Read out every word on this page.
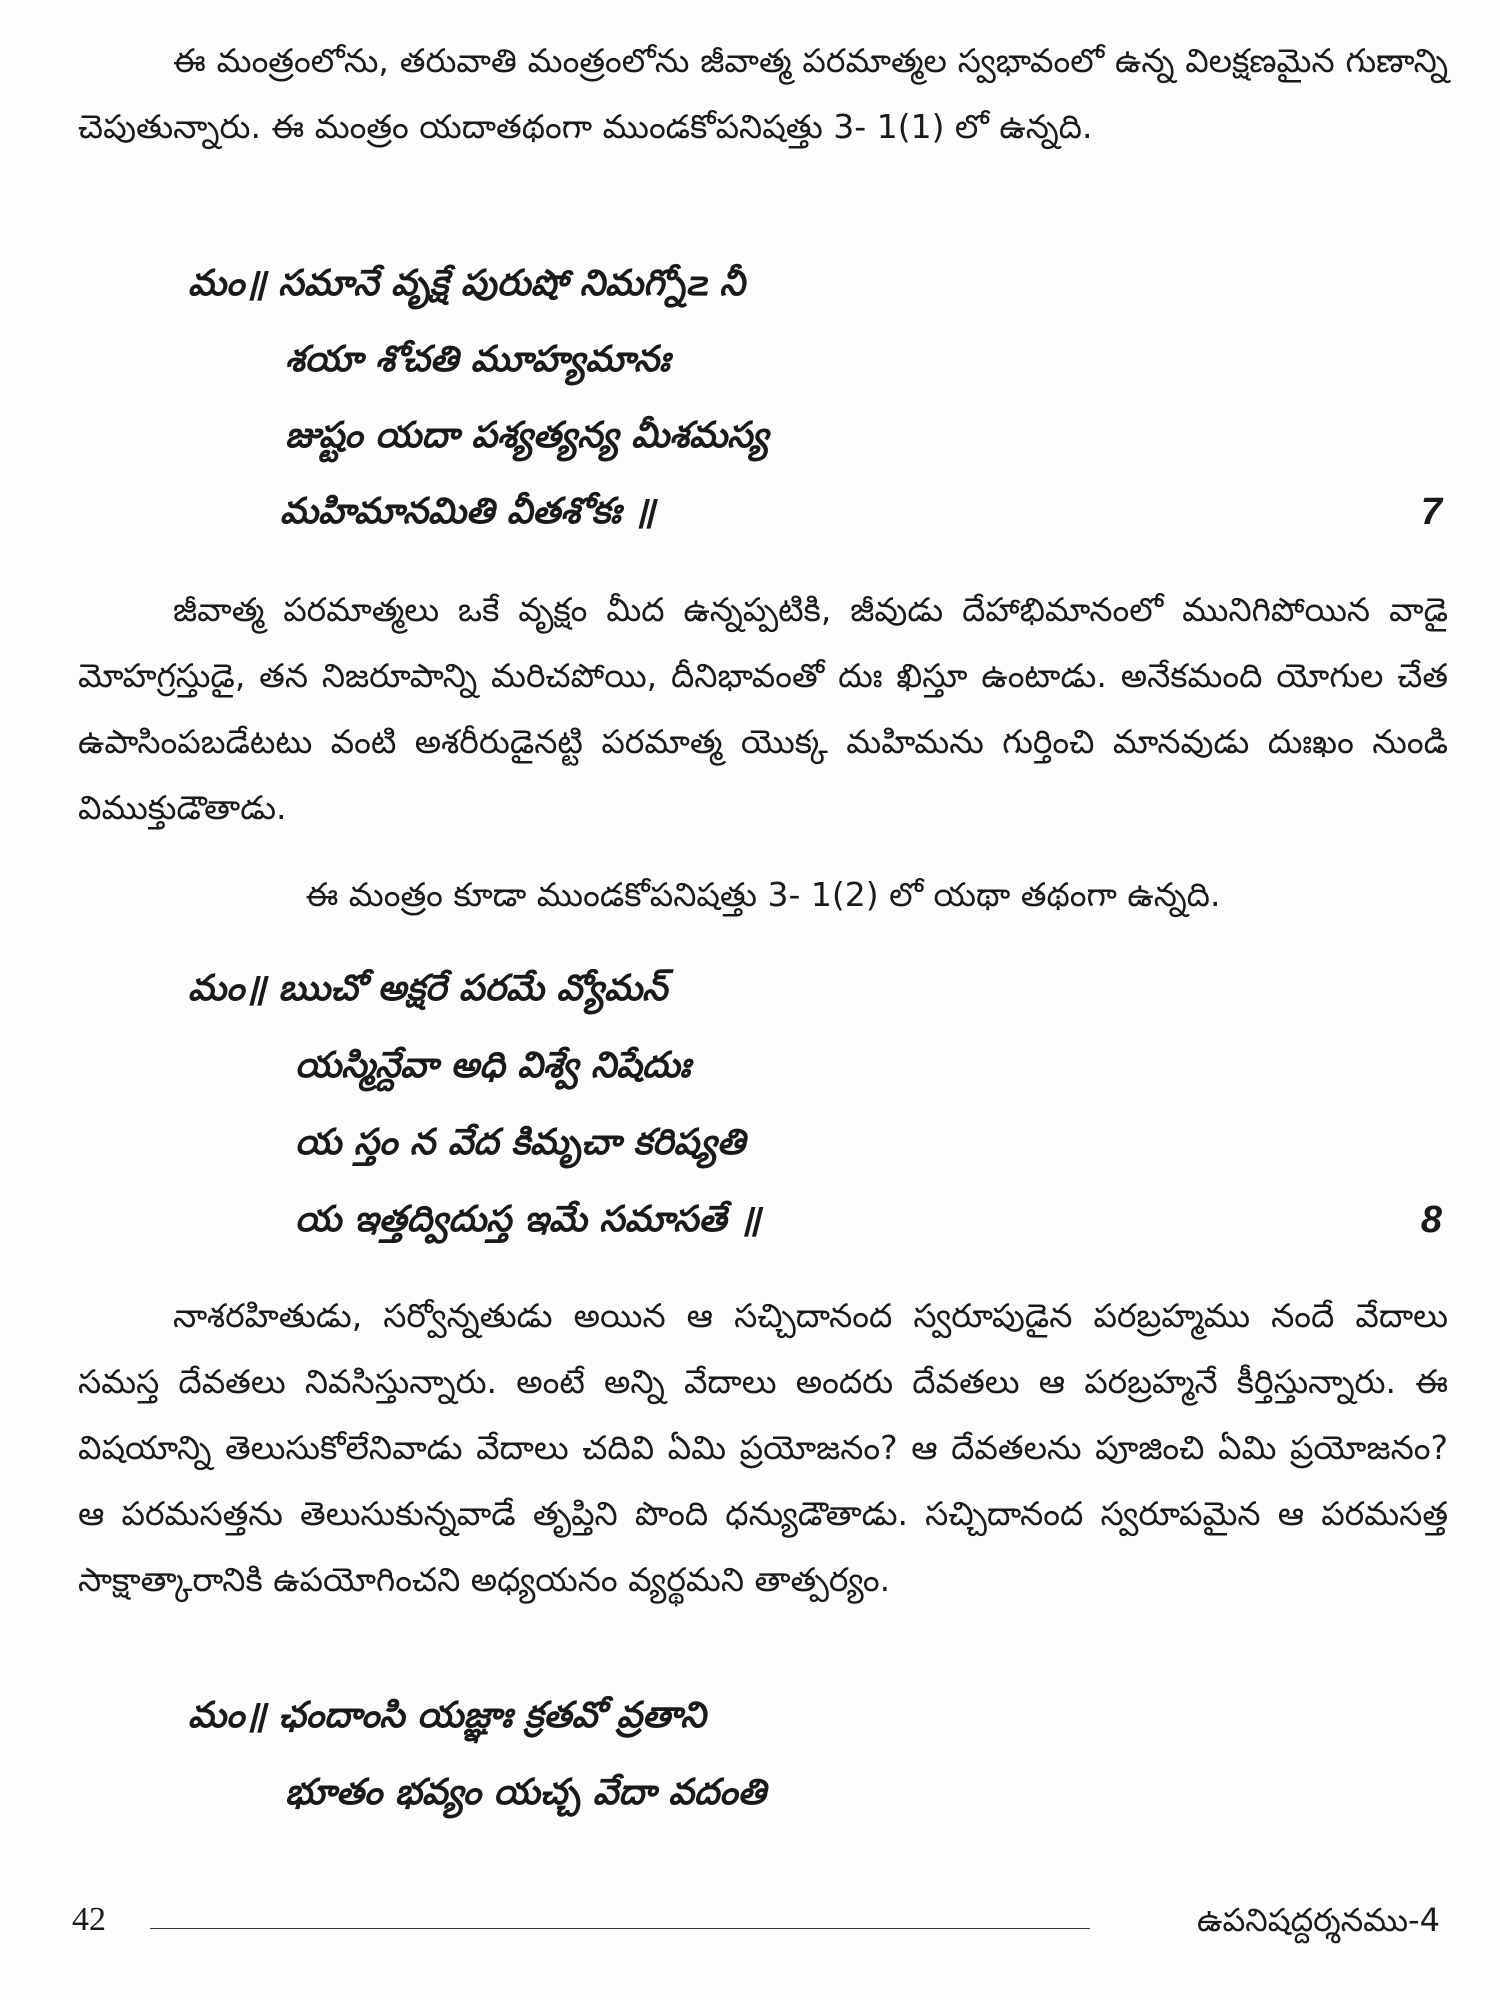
ఈ మంత్రంలోను, తరువాతి మంత్రంలోను జీవాత్మ పరమాత్మల స్వభావంలో ఉన్న విలక్షణమైన గుణాన్ని చెపుతున్నారు. ఈ మంత్రం యదాతథంగా ముండకోపనిషత్తు 3- 1(1) లో ఉన్నది.

మం॥ సమానే వృక్షే పురుషో నిమగ్నో౽ నీ
శయా శోచతి మూహ్యమానః
జుష్టం యదా పశ్యత్యన్య మీశమస్య
మహిమానమితి వీతశోకః ॥	7

జీవాత్మ పరమాత్మలు ఒకే వృక్షం మీద ఉన్నప్పటికి, జీవుడు దేహాభిమానంలో మునిగిపోయిన వాడై మోహగ్రస్తుడై, తన నిజరూపాన్ని మరిచపోయి, దీనిభావంతో దుః ఖిస్తూ ఉంటాడు. అనేకమంది యోగుల చేత ఉపాసింపబడేటటు వంటి అశరీరుడైనట్టి పరమాత్మ యొక్క మహిమను గుర్తించి మానవుడు దుఃఖం నుండి విముక్తుడౌతాడు.

ఈ మంత్రం కూడా ముండకోపనిషత్తు 3- 1(2) లో యథా తథంగా ఉన్నది.

మం॥ ఋచో అక్షరే పరమే వ్యోమన్
యస్మిన్దేవా అధి విశ్వే నిషేదుః
య స్తం న వేద కిమృచా కరిష్యతి
య ఇత్తద్విదుస్త ఇమే సమాసతే ॥	8

నాశరహితుడు, సర్వోన్నతుడు అయిన ఆ సచ్చిదానంద స్వరూపుడైన పరబ్రహ్మము నందే వేదాలు సమస్త దేవతలు నివసిస్తున్నారు. అంటే అన్ని వేదాలు అందరు దేవతలు ఆ పరబ్రహ్మనే కీర్తిస్తున్నారు. ఈ విషయాన్ని తెలుసుకోలేనివాడు వేదాలు చదివి ఏమి ప్రయోజనం? ఆ దేవతలను పూజించి ఏమి ప్రయోజనం? ఆ పరమసత్తను తెలుసుకున్నవాడే తృప్తిని పొంది ధన్యుడౌతాడు. సచ్చిదానంద స్వరూపమైన ఆ పరమసత్త సాక్షాత్కారానికి ఉపయోగించని అధ్యయనం వ్యర్థమని తాత్పర్యం.

మం॥ ఛందాంసి యజ్ఞాః క్రతవో వ్రతాని
భూతం భవ్యం యచ్చ వేదా వదంతి
42	ఉపనిషద్దర్శనము-4
